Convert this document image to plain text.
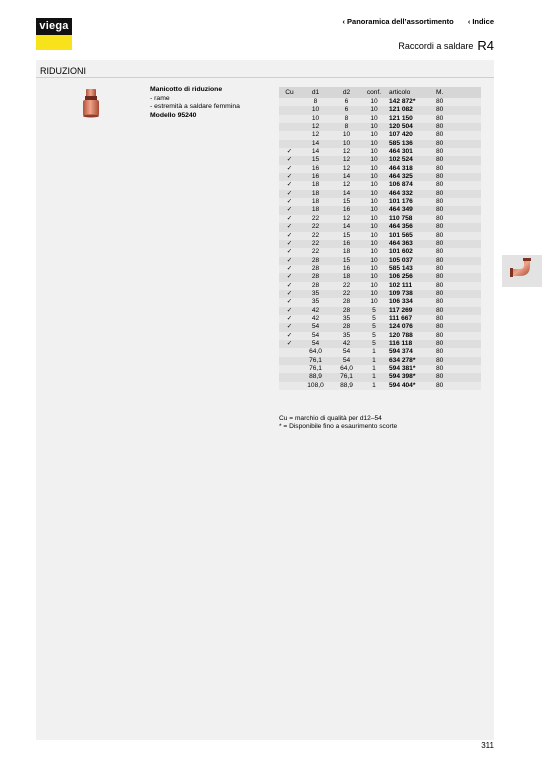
viega	‹ Panoramica dell’assortimento ‹ Indice
Raccordi a saldare R4
RIDUZIONI
Manicotto di riduzione
- rame
- estremità a saldare femmina
Modello 95240
Cu	d1	d2	conf.	articolo	M.
	8	6	10	142 872*	80
	10	6	10	121 082	80
	10	8	10	121 150	80
	12	8	10	120 504	80
	12	10	10	107 420	80
	14	10	10	585 136	80
✓	14	12	10	464 301	80
✓	15	12	10	102 524	80
✓	16	12	10	464 318	80
✓	16	14	10	464 325	80
✓	18	12	10	106 874	80
✓	18	14	10	464 332	80
✓	18	15	10	101 176	80
✓	18	16	10	464 349	80
✓	22	12	10	110 758	80
✓	22	14	10	464 356	80
✓	22	15	10	101 565	80
✓	22	16	10	464 363	80
✓	22	18	10	101 602	80
✓	28	15	10	105 037	80
✓	28	16	10	585 143	80
✓	28	18	10	106 256	80
✓	28	22	10	102 111	80
✓	35	22	10	109 738	80
✓	35	28	10	106 334	80
✓	42	28	5	117 269	80
✓	42	35	5	111 667	80
✓	54	28	5	124 076	80
✓	54	35	5	120 788	80
✓	54	42	5	116 118	80
	64,0	54	1	594 374	80
	76,1	54	1	634 278*	80
	76,1	64,0	1	594 381*	80
	88,9	76,1	1	594 398*	80
	108,0	88,9	1	594 404*	80
Cu = marchio di qualità per d12–54
* = Disponibile fino a esaurimento scorte
311
